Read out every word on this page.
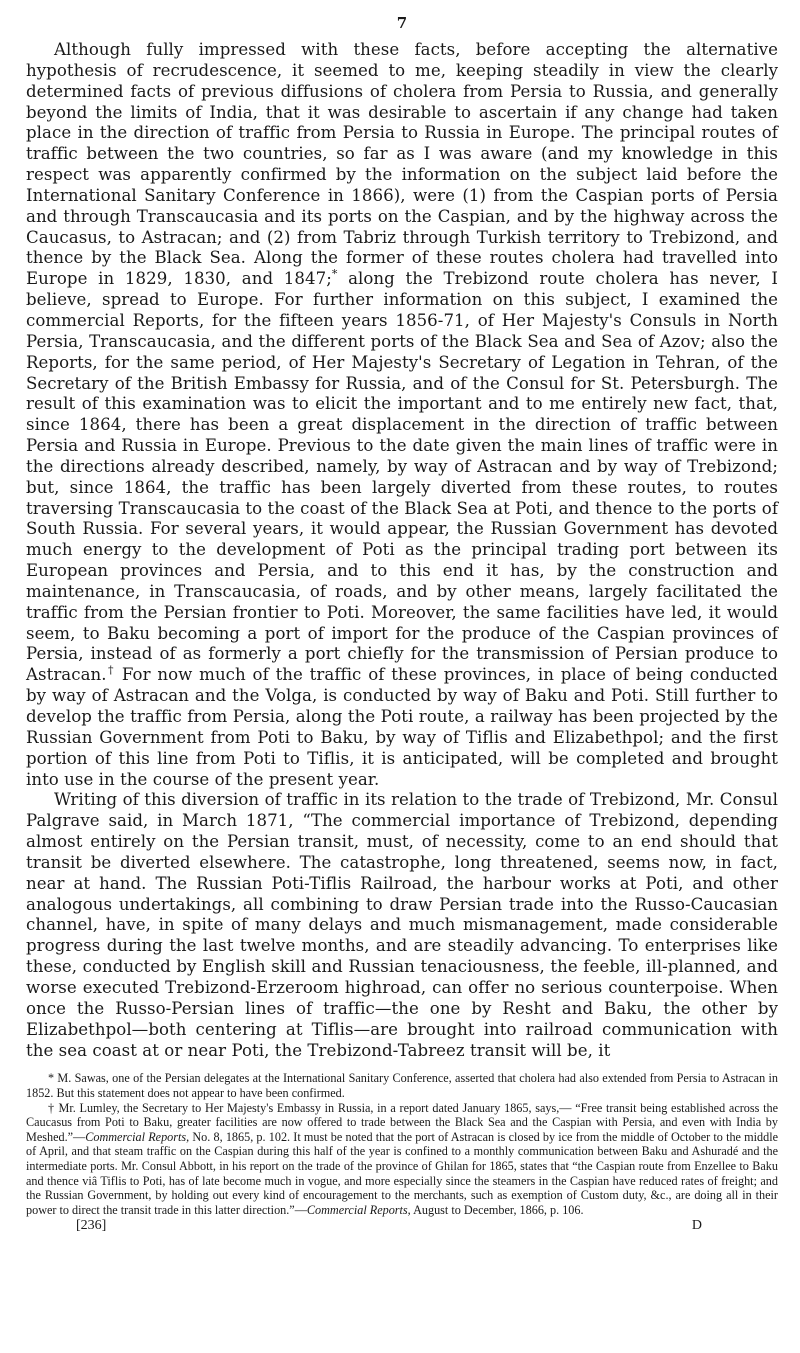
7

Although fully impressed with these facts, before accepting the alternative hypothesis of recrudescence, it seemed to me, keeping steadily in view the clearly determined facts of previous diffusions of cholera from Persia to Russia, and generally beyond the limits of India, that it was desirable to ascertain if any change had taken place in the direction of traffic from Persia to Russia in Europe. The principal routes of traffic between the two countries, so far as I was aware (and my knowledge in this respect was apparently confirmed by the information on the subject laid before the International Sanitary Conference in 1866), were (1) from the Caspian ports of Persia and through Transcaucasia and its ports on the Caspian, and by the highway across the Caucasus, to Astracan; and (2) from Tabriz through Turkish territory to Trebizond, and thence by the Black Sea. Along the former of these routes cholera had travelled into Europe in 1829, 1830, and 1847;* along the Trebizond route cholera has never, I believe, spread to Europe. For further information on this subject, I examined the commercial Reports, for the fifteen years 1856-71, of Her Majesty's Consuls in North Persia, Transcaucasia, and the different ports of the Black Sea and Sea of Azov; also the Reports, for the same period, of Her Majesty's Secretary of Legation in Tehran, of the Secretary of the British Embassy for Russia, and of the Consul for St. Petersburgh. The result of this examination was to elicit the important and to me entirely new fact, that, since 1864, there has been a great displacement in the direction of traffic between Persia and Russia in Europe. Previous to the date given the main lines of traffic were in the directions already described, namely, by way of Astracan and by way of Trebizond; but, since 1864, the traffic has been largely diverted from these routes, to routes traversing Transcaucasia to the coast of the Black Sea at Poti, and thence to the ports of South Russia. For several years, it would appear, the Russian Government has devoted much energy to the development of Poti as the principal trading port between its European provinces and Persia, and to this end it has, by the construction and maintenance, in Transcaucasia, of roads, and by other means, largely facilitated the traffic from the Persian frontier to Poti. Moreover, the same facilities have led, it would seem, to Baku becoming a port of import for the produce of the Caspian provinces of Persia, instead of as formerly a port chiefly for the transmission of Persian produce to Astracan.† For now much of the traffic of these provinces, in place of being conducted by way of Astracan and the Volga, is conducted by way of Baku and Poti. Still further to develop the traffic from Persia, along the Poti route, a railway has been projected by the Russian Government from Poti to Baku, by way of Tiflis and Elizabethpol; and the first portion of this line from Poti to Tiflis, it is anticipated, will be completed and brought into use in the course of the present year.

Writing of this diversion of traffic in its relation to the trade of Trebizond, Mr. Consul Palgrave said, in March 1871, “The commercial importance of Trebizond, depending almost entirely on the Persian transit, must, of necessity, come to an end should that transit be diverted elsewhere. The catastrophe, long threatened, seems now, in fact, near at hand. The Russian Poti-Tiflis Railroad, the harbour works at Poti, and other analogous undertakings, all combining to draw Persian trade into the Russo-Caucasian channel, have, in spite of many delays and much mismanagement, made considerable progress during the last twelve months, and are steadily advancing. To enterprises like these, conducted by English skill and Russian tenaciousness, the feeble, ill-planned, and worse executed Trebizond-Erzeroom highroad, can offer no serious counterpoise. When once the Russo-Persian lines of traffic—the one by Resht and Baku, the other by Elizabethpol—both centering at Tiflis—are brought into railroad communication with the sea coast at or near Poti, the Trebizond-Tabreez transit will be, it

* M. Sawas, one of the Persian delegates at the International Sanitary Conference, asserted that cholera had also extended from Persia to Astracan in 1852. But this statement does not appear to have been confirmed.

† Mr. Lumley, the Secretary to Her Majesty's Embassy in Russia, in a report dated January 1865, says,— “Free transit being established across the Caucasus from Poti to Baku, greater facilities are now offered to trade between the Black Sea and the Caspian with Persia, and even with India by Meshed.”—Commercial Reports, No. 8, 1865, p. 102. It must be noted that the port of Astracan is closed by ice from the middle of October to the middle of April, and that steam traffic on the Caspian during this half of the year is confined to a monthly communication between Baku and Ashuradé and the intermediate ports. Mr. Consul Abbott, in his report on the trade of the province of Ghilan for 1865, states that “the Caspian route from Enzellee to Baku and thence viâ Tiflis to Poti, has of late become much in vogue, and more especially since the steamers in the Caspian have reduced rates of freight; and the Russian Government, by holding out every kind of encouragement to the merchants, such as exemption of Custom duty, &c., are doing all in their power to direct the transit trade in this latter direction.”—Commercial Reports, August to December, 1866, p. 106.

[236]	D
